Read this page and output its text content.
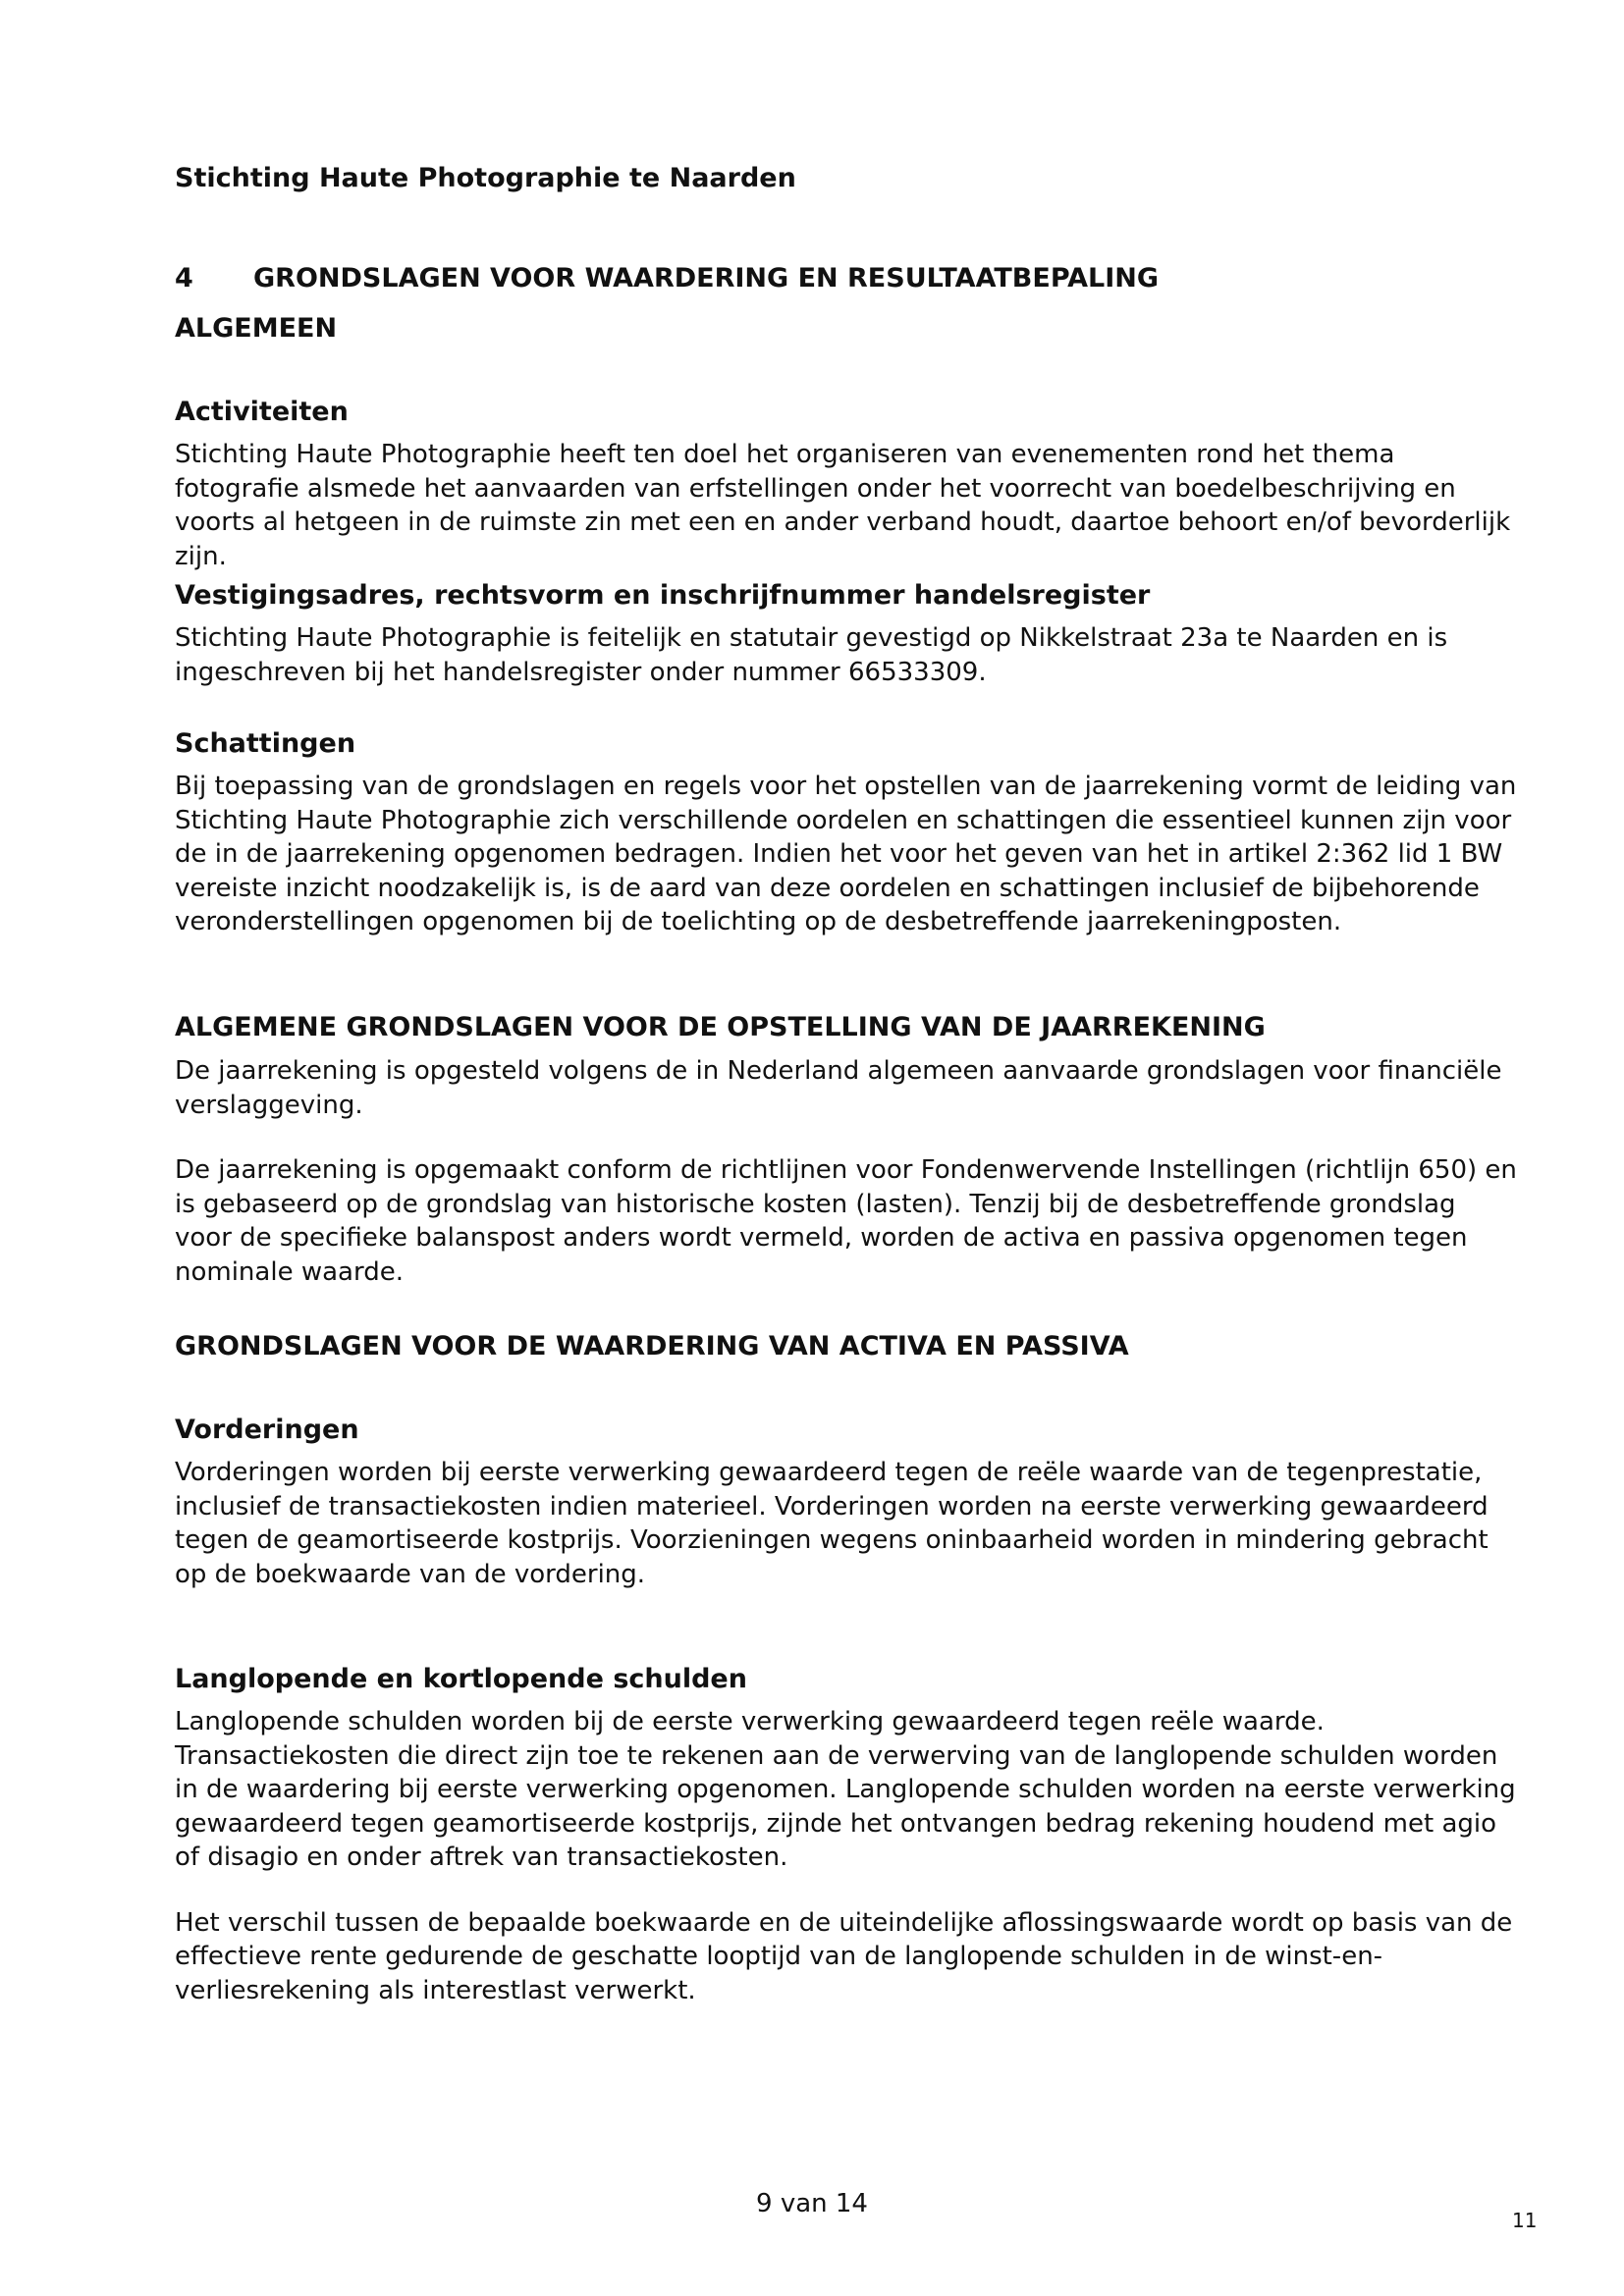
Stichting Haute Photographie te Naarden

4 GRONDSLAGEN VOOR WAARDERING EN RESULTAATBEPALING

ALGEMEEN

Activiteiten

Stichting Haute Photographie heeft ten doel het organiseren van evenementen rond het thema fotografie alsmede het aanvaarden van erfstellingen onder het voorrecht van boedelbeschrijving en voorts al hetgeen in de ruimste zin met een en ander verband houdt, daartoe behoort en/of bevorderlijk zijn.

Vestigingsadres, rechtsvorm en inschrijfnummer handelsregister

Stichting Haute Photographie is feitelijk en statutair gevestigd op Nikkelstraat 23a te Naarden en is ingeschreven bij het handelsregister onder nummer 66533309.

Schattingen

Bij toepassing van de grondslagen en regels voor het opstellen van de jaarrekening vormt de leiding van Stichting Haute Photographie zich verschillende oordelen en schattingen die essentieel kunnen zijn voor de in de jaarrekening opgenomen bedragen. Indien het voor het geven van het in artikel 2:362 lid 1 BW vereiste inzicht noodzakelijk is, is de aard van deze oordelen en schattingen inclusief de bijbehorende veronderstellingen opgenomen bij de toelichting op de desbetreffende jaarrekeningposten.

ALGEMENE GRONDSLAGEN VOOR DE OPSTELLING VAN DE JAARREKENING

De jaarrekening is opgesteld volgens de in Nederland algemeen aanvaarde grondslagen voor financiële verslaggeving.

De jaarrekening is opgemaakt conform de richtlijnen voor Fondenwervende Instellingen (richtlijn 650) en is gebaseerd op de grondslag van historische kosten (lasten). Tenzij bij de desbetreffende grondslag voor de specifieke balanspost anders wordt vermeld, worden de activa en passiva opgenomen tegen nominale waarde.

GRONDSLAGEN VOOR DE WAARDERING VAN ACTIVA EN PASSIVA

Vorderingen

Vorderingen worden bij eerste verwerking gewaardeerd tegen de reële waarde van de tegenprestatie, inclusief de transactiekosten indien materieel. Vorderingen worden na eerste verwerking gewaardeerd tegen de geamortiseerde kostprijs. Voorzieningen wegens oninbaarheid worden in mindering gebracht op de boekwaarde van de vordering.

Langlopende en kortlopende schulden

Langlopende schulden worden bij de eerste verwerking gewaardeerd tegen reële waarde. Transactiekosten die direct zijn toe te rekenen aan de verwerving van de langlopende schulden worden in de waardering bij eerste verwerking opgenomen. Langlopende schulden worden na eerste verwerking gewaardeerd tegen geamortiseerde kostprijs, zijnde het ontvangen bedrag rekening houdend met agio of disagio en onder aftrek van transactiekosten.

Het verschil tussen de bepaalde boekwaarde en de uiteindelijke aflossingswaarde wordt op basis van de effectieve rente gedurende de geschatte looptijd van de langlopende schulden in de winst-en-verliesrekening als interestlast verwerkt.

9 van 14
11
